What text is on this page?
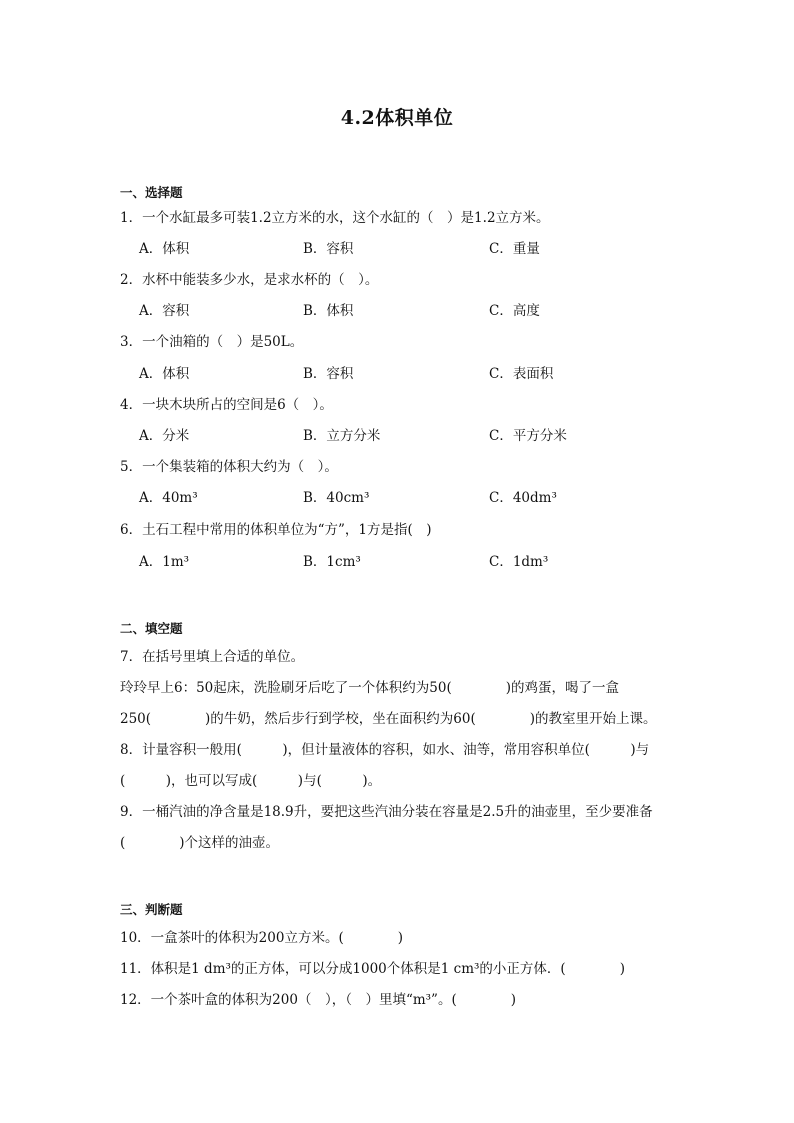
4.2体积单位
一、选择题
1．一个水缸最多可装1.2立方米的水，这个水缸的（　）是1.2立方米。
A．体积	B．容积	C．重量
2．水杯中能装多少水，是求水杯的（　）。
A．容积	B．体积	C．高度
3．一个油箱的（　）是50L。
A．体积	B．容积	C．表面积
4．一块木块所占的空间是6（　）。
A．分米	B．立方分米	C．平方分米
5．一个集装箱的体积大约为（　）。
A．40m³	B．40cm³	C．40dm³
6．土石工程中常用的体积单位为“方”，1方是指(　)
A．1m³	B．1cm³	C．1dm³
二、填空题
7．在括号里填上合适的单位。
玲玲早上6：50起床，洗脸刷牙后吃了一个体积约为50(　　　　)的鸡蛋，喝了一盒
250(　　　　)的牛奶，然后步行到学校，坐在面积约为60(　　　　)的教室里开始上课。
8．计量容积一般用(　　　)，但计量液体的容积，如水、油等，常用容积单位(　　　)与
(　　　)，也可以写成(　　　)与(　　　)。
9．一桶汽油的净含量是18.9升，要把这些汽油分装在容量是2.5升的油壶里，至少要准备
(　　　　)个这样的油壶。
三、判断题
10．一盒茶叶的体积为200立方米。(　　　　)
11．体积是1 dm³的正方体，可以分成1000个体积是1 cm³的小正方体．(　　　　)
12．一个茶叶盒的体积为200（　），（　）里填“m³”。(　　　　)
